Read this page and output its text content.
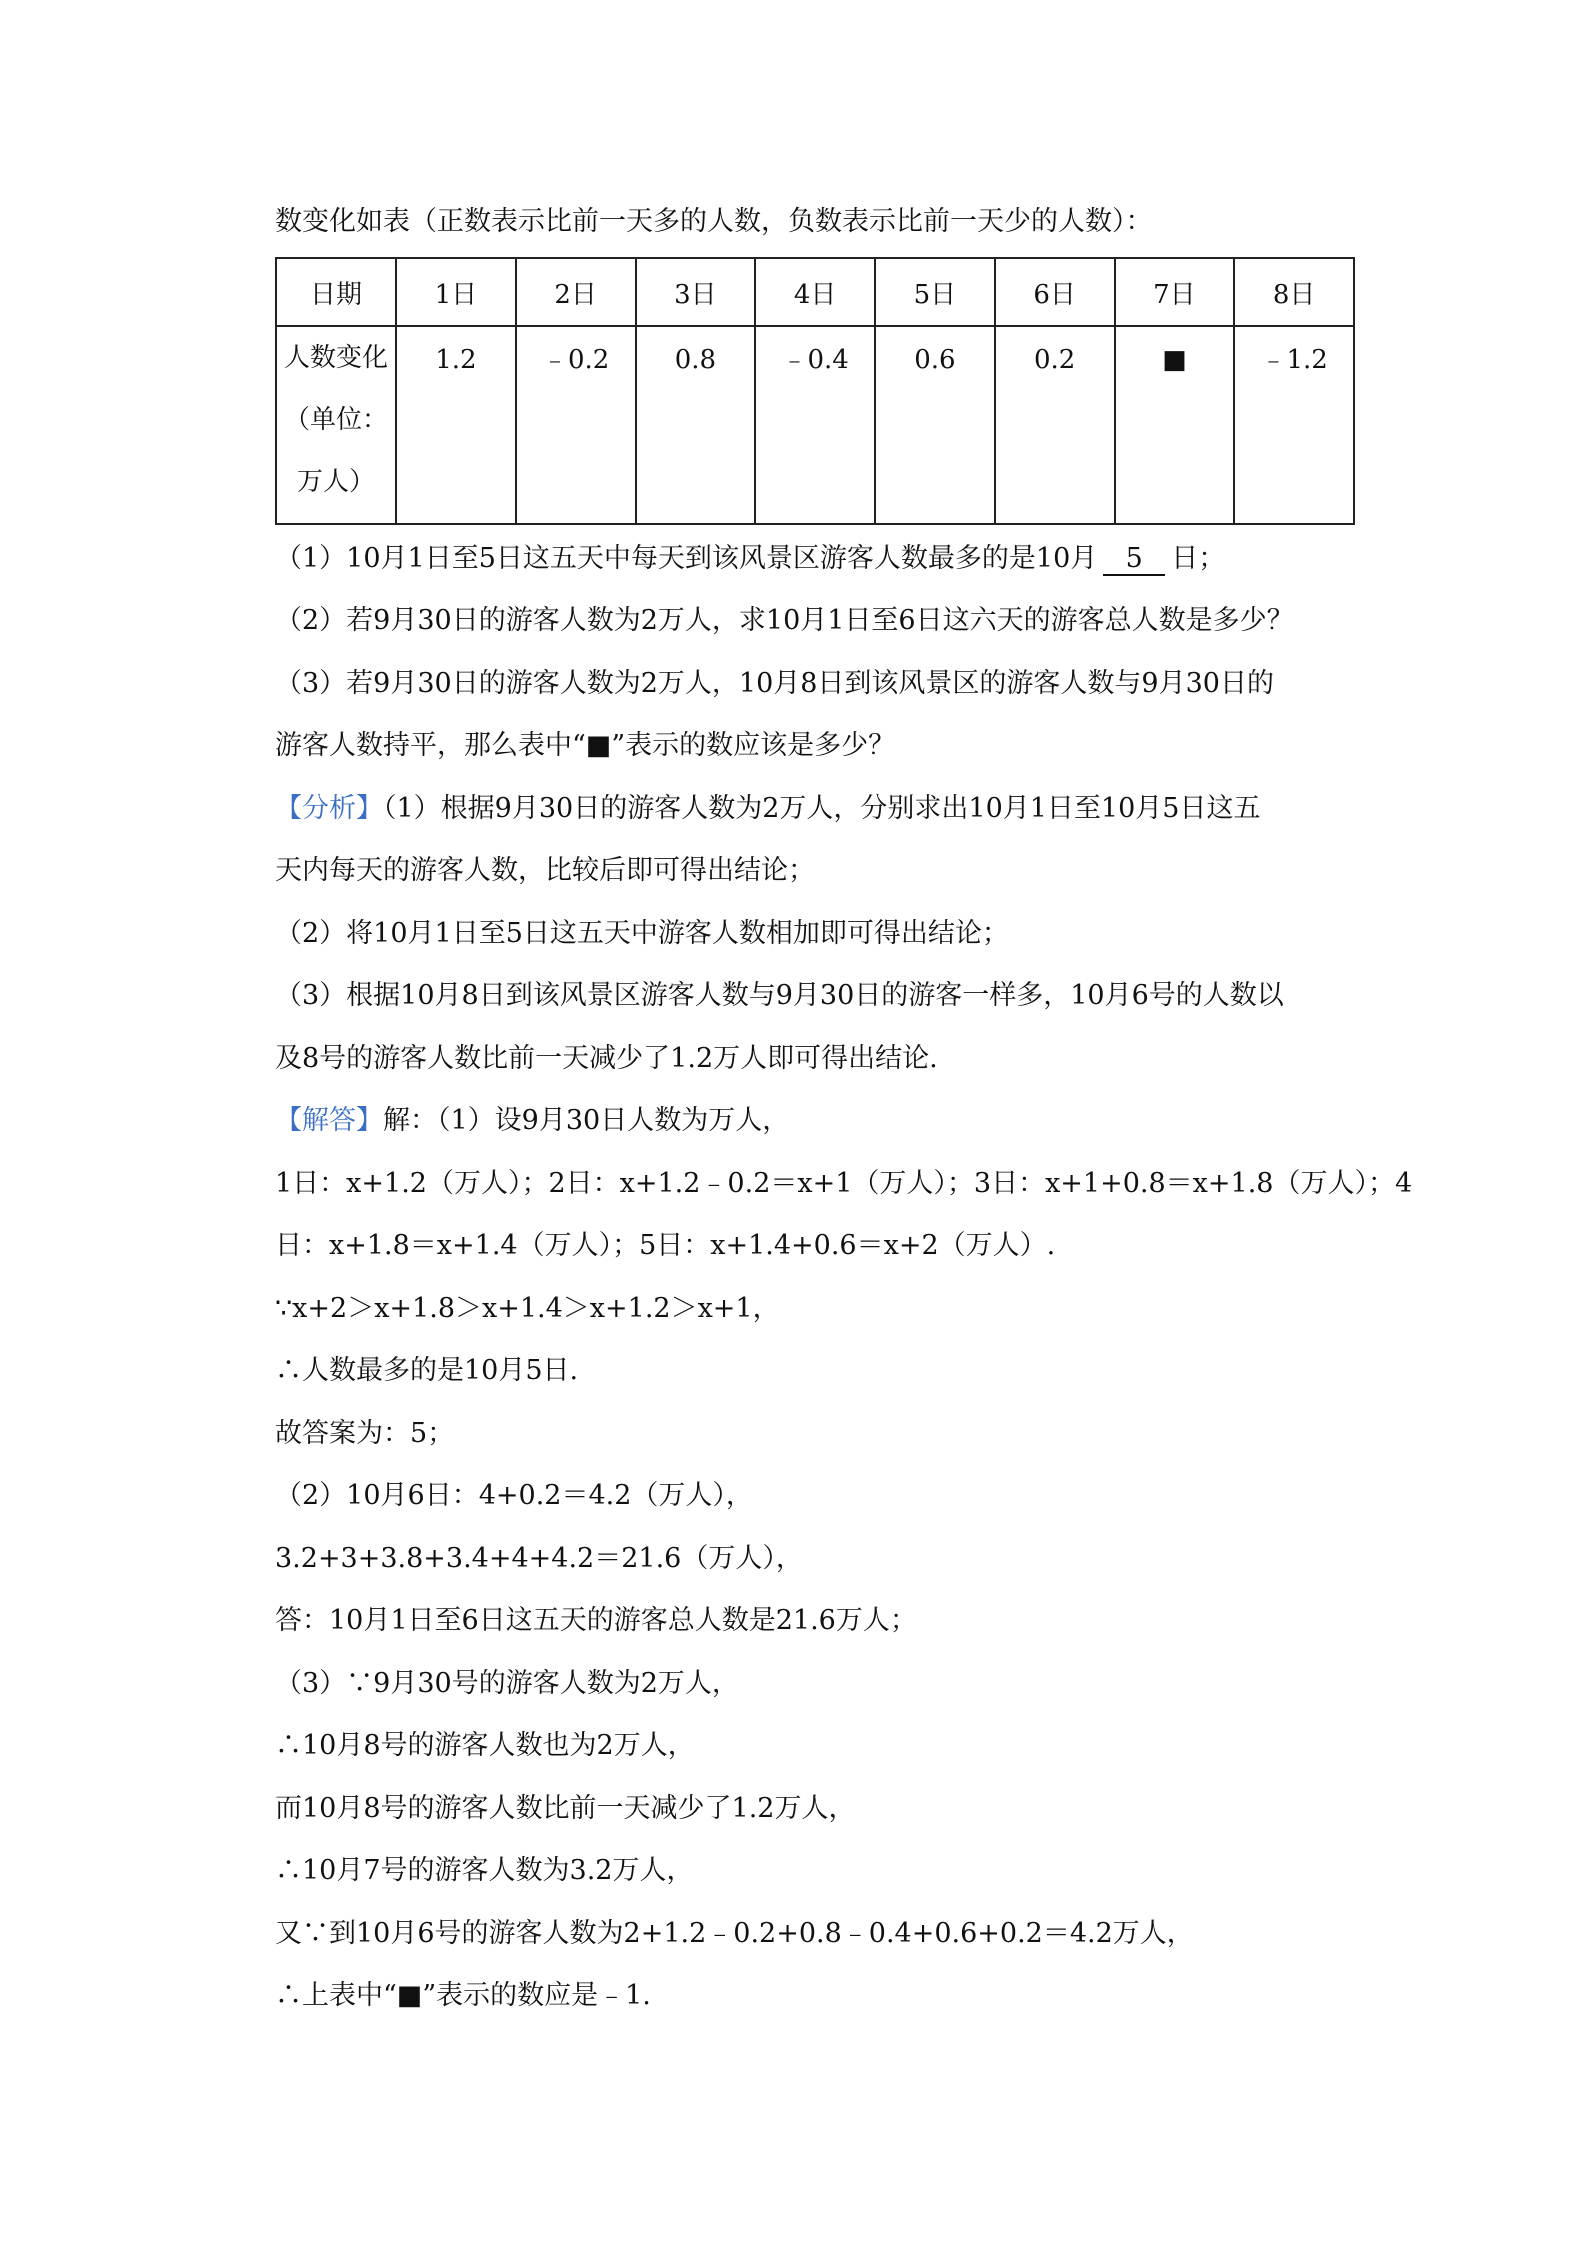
数变化如表（正数表示比前一天多的人数，负数表示比前一天少的人数）：
日期	1日	2日	3日	4日	5日	6日	7日	8日

人数变化
（单位：
万人）	1.2	﹣0.2	0.8	﹣0.4	0.6	0.2	■	﹣1.2
（1）10月1日至5日这五天中每天到该风景区游客人数最多的是10月 5 日；
（2）若9月30日的游客人数为2万人，求10月1日至6日这六天的游客总人数是多少？
（3）若9月30日的游客人数为2万人，10月8日到该风景区的游客人数与9月30日的
游客人数持平，那么表中“■”表示的数应该是多少？
【分析】（1）根据9月30日的游客人数为2万人，分别求出10月1日至10月5日这五
天内每天的游客人数，比较后即可得出结论；
（2）将10月1日至5日这五天中游客人数相加即可得出结论；
（3）根据10月8日到该风景区游客人数与9月30日的游客一样多，10月6号的人数以
及8号的游客人数比前一天减少了1.2万人即可得出结论.
【解答】解：（1）设9月30日人数为万人，
1日：x+1.2（万人）；2日：x+1.2﹣0.2＝x+1（万人）；3日：x+1+0.8＝x+1.8（万人）；4
日：x+1.8＝x+1.4（万人）；5日：x+1.4+0.6＝x+2（万人）.
∵x+2＞x+1.8＞x+1.4＞x+1.2＞x+1，
∴人数最多的是10月5日.
故答案为：5；
（2）10月6日：4+0.2＝4.2（万人），
3.2+3+3.8+3.4+4+4.2＝21.6（万人），
答：10月1日至6日这五天的游客总人数是21.6万人；
（3）∵9月30号的游客人数为2万人，
∴10月8号的游客人数也为2万人，
而10月8号的游客人数比前一天减少了1.2万人，
∴10月7号的游客人数为3.2万人，
又∵到10月6号的游客人数为2+1.2﹣0.2+0.8﹣0.4+0.6+0.2＝4.2万人，
∴上表中“■”表示的数应是﹣1.
